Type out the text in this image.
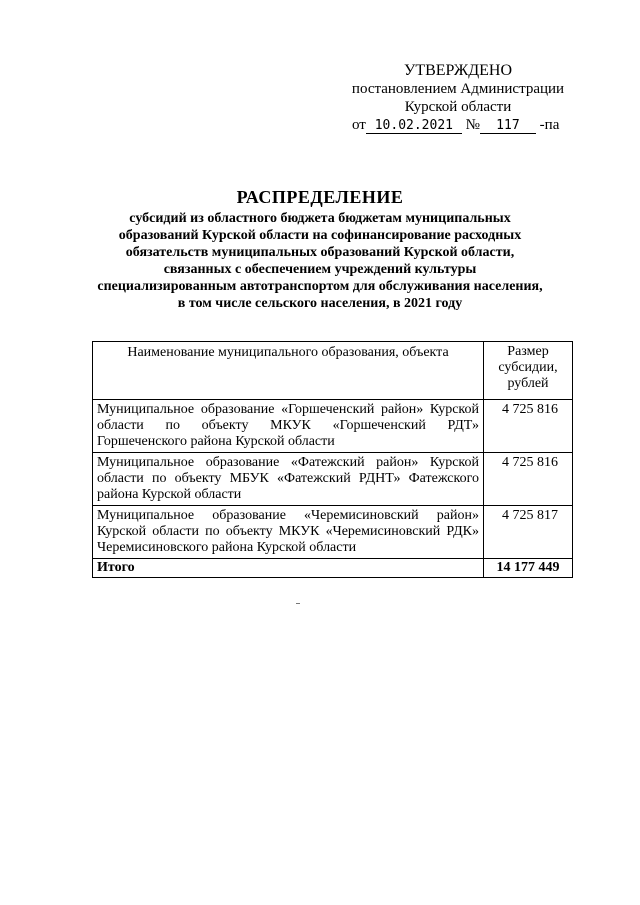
УТВЕРЖДЕНО
постановлением Администрации
Курской области
от 10.02.2021 № 117 -па
РАСПРЕДЕЛЕНИЕ
субсидий из областного бюджета бюджетам муниципальных
образований Курской области на софинансирование расходных
обязательств муниципальных образований Курской области,
связанных с обеспечением учреждений культуры
специализированным автотранспортом для обслуживания населения,
в том числе сельского населения, в 2021 году
Наименование муниципального образования, объекта	Размер субсидии, рублей
Муниципальное образование «Горшеченский район» Курской области по объекту МКУК «Горшеченский РДТ» Горшеченского района Курской области	4 725 816
Муниципальное образование «Фатежский район» Курской области по объекту МБУК «Фатежский РДНТ» Фатежского района Курской области	4 725 816
Муниципальное образование «Черемисиновский район» Курской области по объекту МКУК «Черемисиновский РДК» Черемисиновского района Курской области	4 725 817
Итого	14 177 449
